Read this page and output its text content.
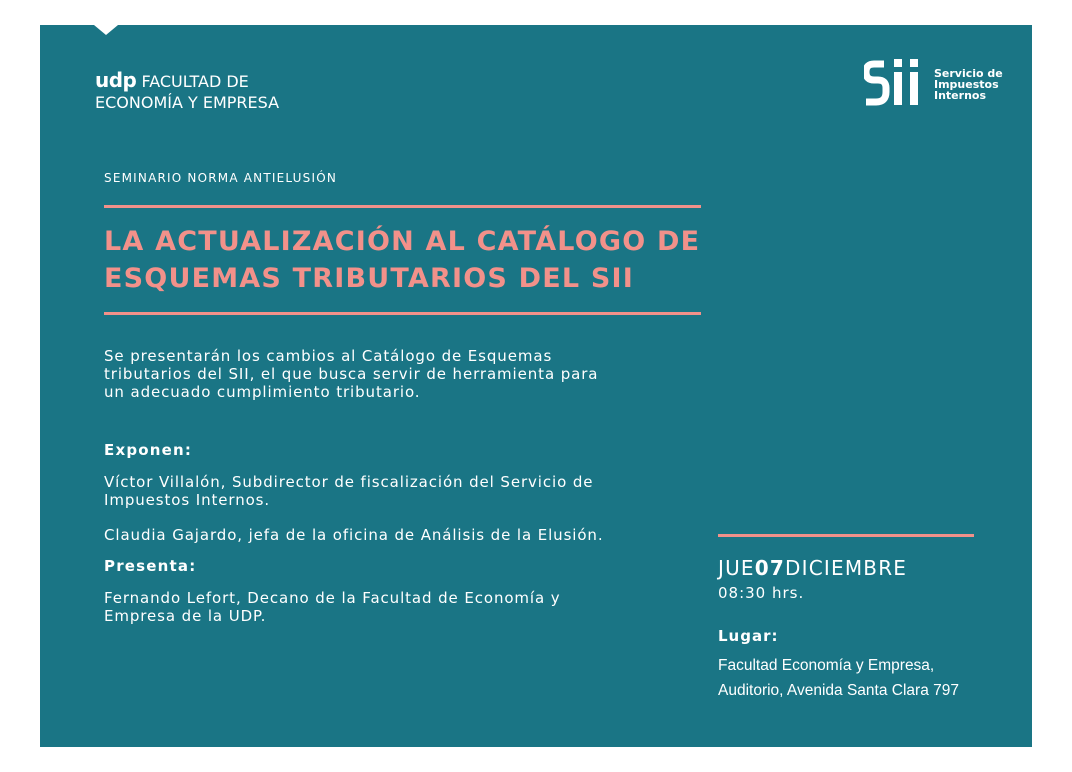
udp FACULTAD DE
ECONOMÍA Y EMPRESA
Servicio de
Impuestos
Internos
SEMINARIO NORMA ANTIELUSIÓN
LA ACTUALIZACIÓN AL CATÁLOGO DE
ESQUEMAS TRIBUTARIOS DEL SII

Se presentarán los cambios al Catálogo de Esquemas
tributarios del SII, el que busca servir de herramienta para
un adecuado cumplimiento tributario.

Exponen:

Víctor Villalón, Subdirector de fiscalización del Servicio de
Impuestos Internos.

Claudia Gajardo, jefa de la oficina de Análisis de la Elusión.

Presenta:

Fernando Lefort, Decano de la Facultad de Economía y
Empresa de la UDP.

JUE07DICIEMBRE
08:30 hrs.
Lugar:
Facultad Economía y Empresa,
Auditorio, Avenida Santa Clara 797
